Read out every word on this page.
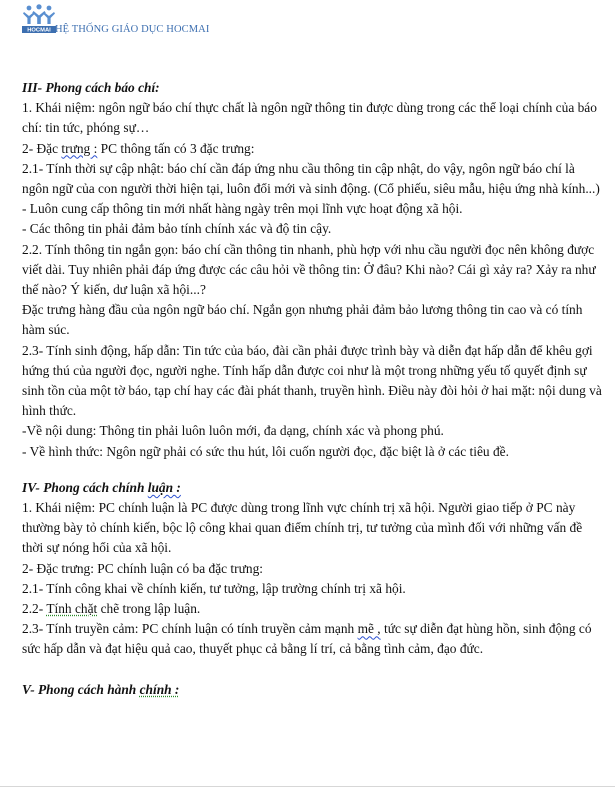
HOCMAI HỆ THỐNG GIÁO DỤC HOCMAI

III- Phong cách báo chí:

1. Khái niệm: ngôn ngữ báo chí thực chất là ngôn ngữ thông tin được dùng trong các thể loại chính của báo chí: tin tức, phóng sự…

2- Đặc trưng : PC thông tấn có 3 đặc trưng:

2.1- Tính thời sự cập nhật: báo chí cần đáp ứng nhu cầu thông tin cập nhật, do vậy, ngôn ngữ báo chí là ngôn ngữ của con người thời hiện tại, luôn đổi mới và sinh động. (Cổ phiếu, siêu mẫu, hiệu ứng nhà kính...)

- Luôn cung cấp thông tin mới nhất hàng ngày trên mọi lĩnh vực hoạt động xã hội.

- Các thông tin phải đảm bảo tính chính xác và độ tin cậy.

2.2. Tính thông tin ngắn gọn: báo chí cần thông tin nhanh, phù hợp với nhu cầu người đọc nên không được viết dài. Tuy nhiên phải đáp ứng được các câu hỏi về thông tin: Ở đâu? Khi nào? Cái gì xảy ra? Xảy ra như thế nào? Ý kiến, dư luận xã hội...?

Đặc trưng hàng đầu của ngôn ngữ báo chí. Ngắn gọn nhưng phải đảm bảo lương thông tin cao và có tính hàm súc.

2.3- Tính sinh động, hấp dẫn: Tin tức của báo, đài cần phải được trình bày và diễn đạt hấp dẫn để khêu gợi hứng thú của người đọc, người nghe. Tính hấp dẫn được coi như là một trong những yếu tố quyết định sự sinh tồn của một tờ báo, tạp chí hay các đài phát thanh, truyền hình. Điều này đòi hỏi ở hai mặt: nội dung và hình thức.

-Về nội dung: Thông tin phải luôn luôn mới, đa dạng, chính xác và phong phú.

- Về hình thức: Ngôn ngữ phải có sức thu hút, lôi cuốn người đọc, đặc biệt là ở các tiêu đề.

IV- Phong cách chính luận :

1. Khái niệm: PC chính luận là PC được dùng trong lĩnh vực chính trị xã hội. Người giao tiếp ở PC này thường bày tỏ chính kiến, bộc lộ công khai quan điểm chính trị, tư tưởng của mình đối với những vấn đề thời sự nóng hổi của xã hội.

2- Đặc trưng: PC chính luận có ba đặc trưng:

2.1- Tính công khai về chính kiến, tư tưởng, lập trường chính trị xã hội.

2.2- Tính chặt chẽ trong lập luận.

2.3- Tính truyền cảm: PC chính luận có tính truyền cảm mạnh mẽ , tức sự diễn đạt hùng hồn, sinh động có sức hấp dẫn và đạt hiệu quả cao, thuyết phục cả bằng lí trí, cả bằng tình cảm, đạo đức.

V- Phong cách hành chính :
